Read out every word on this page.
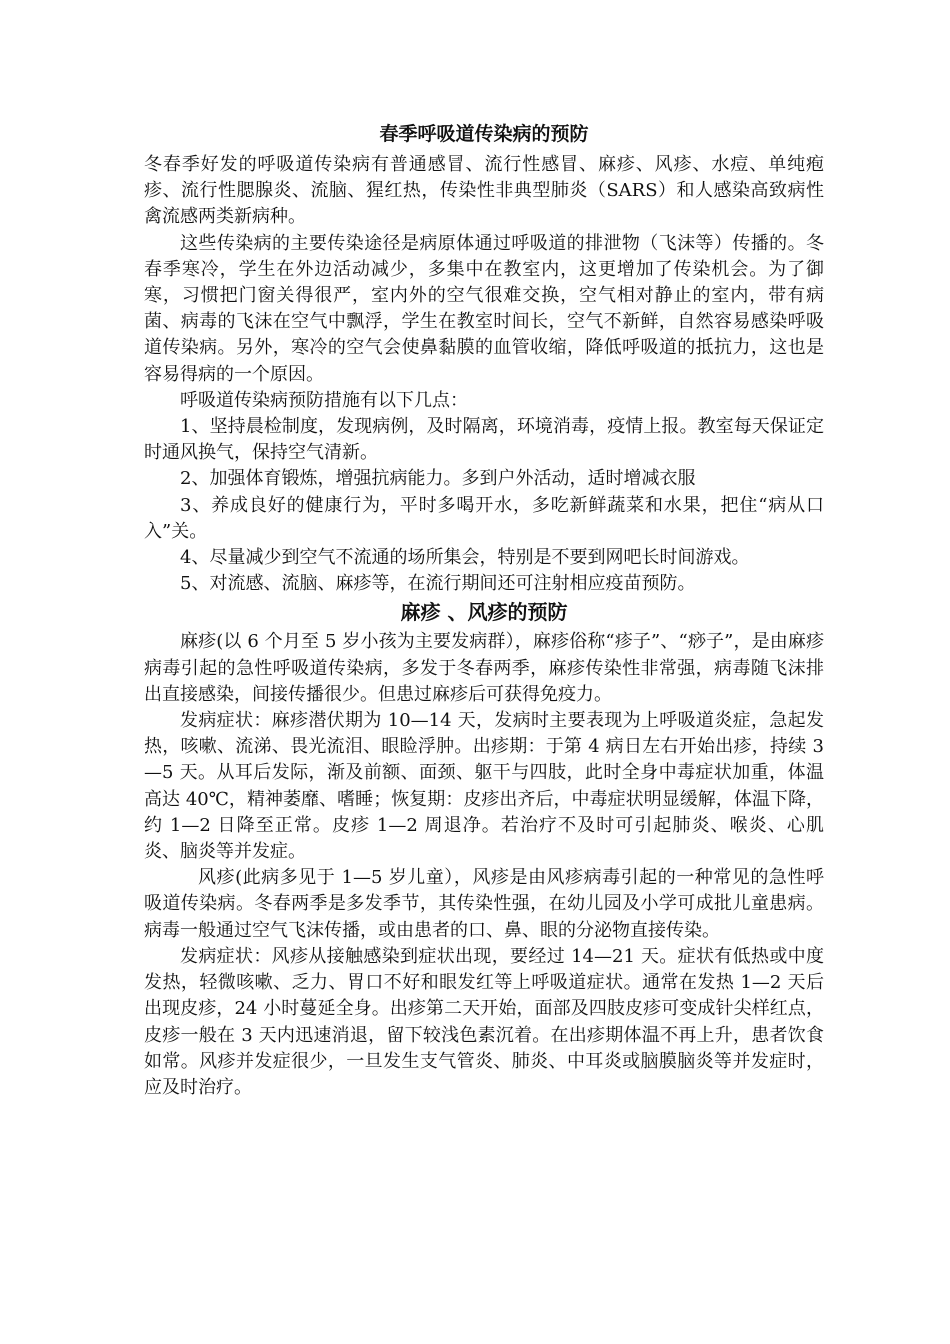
春季呼吸道传染病的预防

冬春季好发的呼吸道传染病有普通感冒、流行性感冒、麻疹、风疹、水痘、单纯疱疹、流行性腮腺炎、流脑、猩红热，传染性非典型肺炎（SARS）和人感染高致病性禽流感两类新病种。

这些传染病的主要传染途径是病原体通过呼吸道的排泄物（飞沫等）传播的。冬春季寒冷，学生在外边活动减少，多集中在教室内，这更增加了传染机会。为了御寒，习惯把门窗关得很严，室内外的空气很难交换，空气相对静止的室内，带有病菌、病毒的飞沫在空气中飘浮，学生在教室时间长，空气不新鲜，自然容易感染呼吸道传染病。另外，寒冷的空气会使鼻黏膜的血管收缩，降低呼吸道的抵抗力，这也是容易得病的一个原因。

呼吸道传染病预防措施有以下几点：

1、坚持晨检制度，发现病例，及时隔离，环境消毒，疫情上报。教室每天保证定时通风换气，保持空气清新。

2、加强体育锻炼，增强抗病能力。多到户外活动，适时增减衣服

3、养成良好的健康行为，平时多喝开水，多吃新鲜蔬菜和水果，把住“病从口入”关。

4、尽量减少到空气不流通的场所集会，特别是不要到网吧长时间游戏。

5、对流感、流脑、麻疹等，在流行期间还可注射相应疫苗预防。

麻疹 、风疹的预防

麻疹(以 6 个月至 5 岁小孩为主要发病群），麻疹俗称“疹子”、“痧子”，是由麻疹病毒引起的急性呼吸道传染病，多发于冬春两季，麻疹传染性非常强，病毒随飞沫排出直接感染，间接传播很少。但患过麻疹后可获得免疫力。

发病症状：麻疹潜伏期为 10—14 天，发病时主要表现为上呼吸道炎症，急起发热，咳嗽、流涕、畏光流泪、眼睑浮肿。出疹期：于第 4 病日左右开始出疹，持续 3—5 天。从耳后发际，渐及前额、面颈、躯干与四肢，此时全身中毒症状加重，体温高达 40℃，精神萎靡、嗜睡；恢复期：皮疹出齐后，中毒症状明显缓解，体温下降，约 1—2 日降至正常。皮疹 1—2 周退净。若治疗不及时可引起肺炎、喉炎、心肌炎、脑炎等并发症。

风疹(此病多见于 1—5 岁儿童），风疹是由风疹病毒引起的一种常见的急性呼吸道传染病。冬春两季是多发季节，其传染性强，在幼儿园及小学可成批儿童患病。病毒一般通过空气飞沫传播，或由患者的口、鼻、眼的分泌物直接传染。

发病症状：风疹从接触感染到症状出现，要经过 14—21 天。症状有低热或中度发热，轻微咳嗽、乏力、胃口不好和眼发红等上呼吸道症状。通常在发热 1—2 天后出现皮疹，24 小时蔓延全身。出疹第二天开始，面部及四肢皮疹可变成针尖样红点，皮疹一般在 3 天内迅速消退，留下较浅色素沉着。在出疹期体温不再上升，患者饮食如常。风疹并发症很少，一旦发生支气管炎、肺炎、中耳炎或脑膜脑炎等并发症时，应及时治疗。
